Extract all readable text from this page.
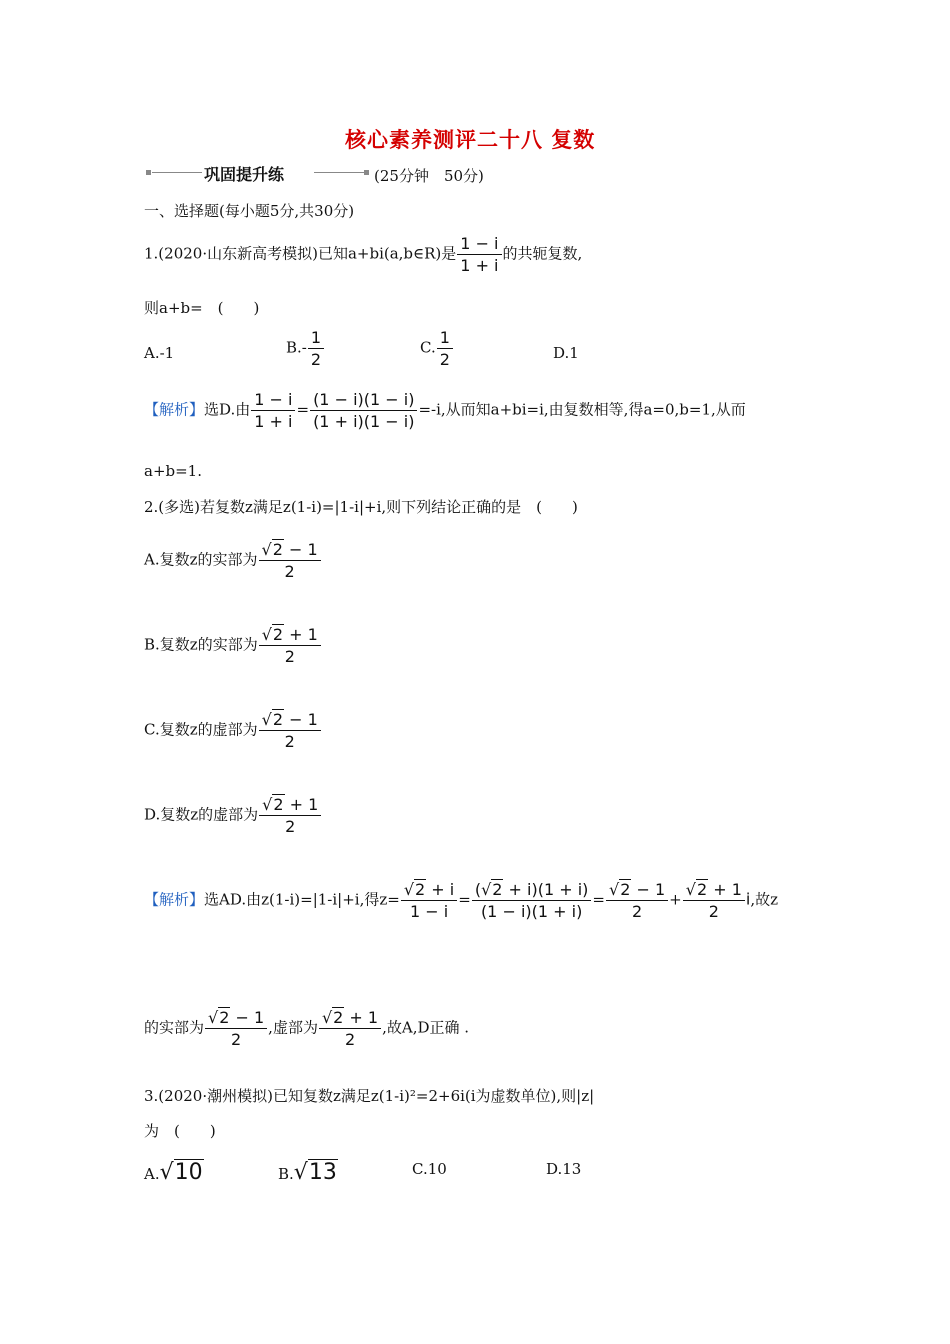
核心素养测评二十八 复数
巩固提升练	(25分钟　50分)
一、选择题(每小题5分,共30分)
1.(2020·山东新高考模拟)已知a+bi(a,b∈R)是 $\frac{1 - i}{1 + i}$ 的共轭复数,
则a+b=　(　　)
A.-1	$B.- \frac{1}{2}$	C. $\frac{1}{2}$	D.1
【解析】选D.由 $\frac{1 - i}{1 + i} = \frac{(1 - i)(1 - i)}{(1 + i)(1 - i)} =-i$,从而知a+bi=i,由复数相等,得a=0,b=1,从而
a+b=1.
2.(多选)若复数z满足z(1-i)=|1-i|+i,则下列结论正确的是　(　　)
A.复数z的实部为 $\frac{√2 - 1}{2}$
B.复数z的实部为 $\frac{√2 + 1}{2}$
C.复数z的虚部为 $\frac{√2 - 1}{2}$
D.复数z的虚部为 $\frac{√2 + 1}{2}$
【解析】选AD.由z(1-i)=|1-i|+i,得$z= \frac{√2 + i}{1 - i} = \frac{(√2 + i)(1 + i)}{(1 - i)(1 + i)} = \frac{√2 - 1}{2} + \frac{√2 + 1}{2} i$,故z
的实部为 $\frac{√2 - 1}{2}$ ,虚部为 $\frac{√2 + 1}{2}$ ,故A,D正确 .
3.(2020·潮州模拟)已知复数z满足z(1-i)²=2+6i(i为虚数单位),则|z|
为　(　　)
A.√10	B.√13	C.10	D.13
